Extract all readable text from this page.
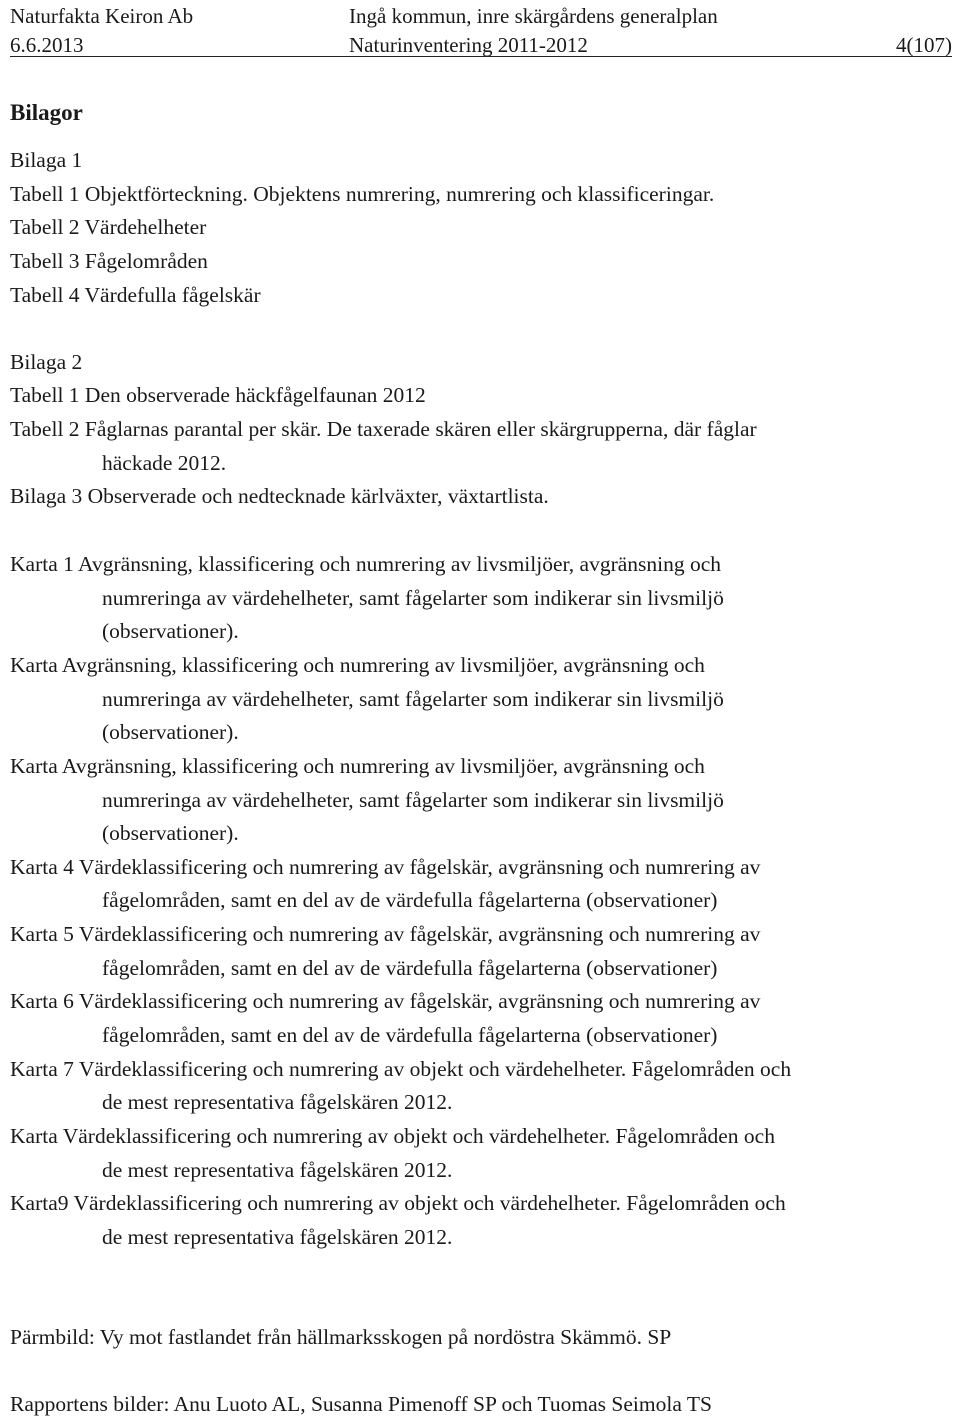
Naturfakta Keiron Ab
6.6.2013
Ingå kommun, inre skärgårdens generalplan
Naturinventering 2011-2012	4(107)
Bilagor
Bilaga 1
Tabell 1 Objektförteckning. Objektens numrering, numrering och klassificeringar.
Tabell 2 Värdehelheter
Tabell 3 Fågelområden
Tabell 4 Värdefulla fågelskär
Bilaga 2
Tabell 1 Den observerade häckfågelfaunan 2012
Tabell 2 Fåglarnas parantal per skär. De taxerade skären eller skärgrupperna, där fåglar
häckade 2012.
Bilaga 3 Observerade och nedtecknade kärlväxter, växtartlista.
Karta 1 Avgränsning, klassificering och numrering av livsmiljöer, avgränsning och
numreringa av värdehelheter, samt fågelarter som indikerar sin livsmiljö
(observationer).
Karta Avgränsning, klassificering och numrering av livsmiljöer, avgränsning och
numreringa av värdehelheter, samt fågelarter som indikerar sin livsmiljö
(observationer).
Karta Avgränsning, klassificering och numrering av livsmiljöer, avgränsning och
numreringa av värdehelheter, samt fågelarter som indikerar sin livsmiljö
(observationer).
Karta 4 Värdeklassificering och numrering av fågelskär, avgränsning och numrering av
fågelområden, samt en del av de värdefulla fågelarterna (observationer)
Karta 5 Värdeklassificering och numrering av fågelskär, avgränsning och numrering av
fågelområden, samt en del av de värdefulla fågelarterna (observationer)
Karta 6 Värdeklassificering och numrering av fågelskär, avgränsning och numrering av
fågelområden, samt en del av de värdefulla fågelarterna (observationer)
Karta 7 Värdeklassificering och numrering av objekt och värdehelheter. Fågelområden och
de mest representativa fågelskären 2012.
Karta Värdeklassificering och numrering av objekt och värdehelheter. Fågelområden och
de mest representativa fågelskären 2012.
Karta9 Värdeklassificering och numrering av objekt och värdehelheter. Fågelområden och
de mest representativa fågelskären 2012.
Pärmbild: Vy mot fastlandet från hällmarksskogen på nordöstra Skämmö. SP
Rapportens bilder: Anu Luoto AL, Susanna Pimenoff SP och Tuomas Seimola TS
